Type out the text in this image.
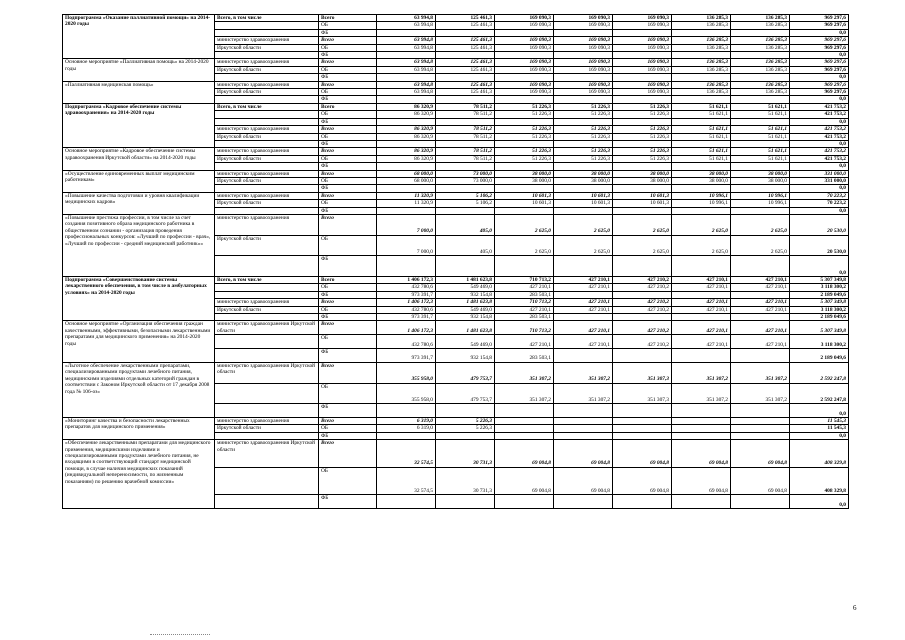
Подпрограмма «Оказание паллиативной помощи» на 2014-2020 годы	Всего, в том числе	Всего	63 994,8	125 461,3	169 090,3	169 090,3	169 090,3	136 285,3	136 285,3	969 297,6
		ОБ	63 994,8	125 461,3	169 090,3	169 090,3	169 090,3	136 285,3	136 285,3	969 297,6
		ФБ								0,0
	министерство здравоохранения	Всего	63 994,8	125 461,3	169 090,3	169 090,3	169 090,3	136 285,3	136 285,3	969 297,6
	Иркутской области	ОБ	63 994,8	125 461,3	169 090,3	169 090,3	169 090,3	136 285,3	136 285,3	969 297,6
		ФБ								0,0
Основное мероприятие «Паллиативная помощь» на 2014-2020 годы	министерство здравоохранения	Всего	63 994,8	125 461,3	169 090,3	169 090,3	169 090,3	136 285,3	136 285,3	969 297,6
	Иркутской области	ОБ	63 994,8	125 461,3	169 090,3	169 090,3	169 090,3	136 285,3	136 285,3	969 297,6
		ФБ								0,0
«Паллиативная медицинская помощь»	министерство здравоохранения	Всего	63 994,8	125 461,3	169 090,3	169 090,3	169 090,3	136 285,3	136 285,3	969 297,6
	Иркутской области	ОБ	63 994,8	125 461,3	169 090,3	169 090,3	169 090,3	136 285,3	136 285,3	969 297,6
		ФБ								0,0
Подпрограмма «Кадровое обеспечение системы здравоохранения» на 2014-2020 годы	Всего, в том числе	Всего	86 320,9	78 511,2	51 226,3	51 226,3	51 226,3	51 621,1	51 621,1	421 753,2
		ОБ	86 320,9	78 511,2	51 226,3	51 226,3	51 226,3	51 621,1	51 621,1	421 753,2
		ФБ								0,0
	министерство здравоохранения	Всего	86 320,9	78 511,2	51 226,3	51 226,3	51 226,3	51 621,1	51 621,1	421 753,2
	Иркутской области	ОБ	86 320,9	78 511,2	51 226,3	51 226,3	51 226,3	51 621,1	51 621,1	421 753,2
		ФБ								0,0
Основное мероприятие «Кадровое обеспечение системы здравоохранения Иркутской области» на 2014-2020 годы	министерство здравоохранения	Всего	86 320,9	78 511,2	51 226,3	51 226,3	51 226,3	51 621,1	51 621,1	421 753,2
	Иркутской области	ОБ	86 320,9	78 511,2	51 226,3	51 226,3	51 226,3	51 621,1	51 621,1	421 753,2
		ФБ								0,0
«Осуществление единовременных выплат медицинским работникам»	министерство здравоохранения	Всего	68 000,0	73 000,0	38 000,0	38 000,0	38 000,0	38 000,0	38 000,0	331 000,0
	Иркутской области	ОБ	68 000,0	73 000,0	38 000,0	38 000,0	38 000,0	38 000,0	38 000,0	331 000,0
		ФБ								0,0
«Повышение качества подготовки и уровня квалификации медицинских кадров»	министерство здравоохранения	Всего	11 320,9	5 106,2	10 601,3	10 601,3	10 601,3	10 996,1	10 996,1	70 223,2
	Иркутской области	ОБ	11 320,9	5 106,2	10 601,3	10 601,3	10 601,3	10 996,1	10 996,1	70 223,2
		ФБ								0,0
«Повышение престижа профессии, в том числе за счет создания позитивного образа медицинского работника в общественном сознании - организация проведения профессиональных конкурсов: «Лучший по профессии - врач», «Лучший по профессии - средний медицинский работник»»	министерство здравоохранения	Всего	7 000,0	405,0	2 625,0	2 625,0	2 625,0	2 625,0	2 625,0	20 530,0
	Иркутской области	ОБ	7 000,0	405,0	2 625,0	2 625,0	2 625,0	2 625,0	2 625,0	20 530,0
		ФБ								0,0
Подпрограмма «Совершенствование системы лекарственного обеспечения, в том числе в амбулаторных условиях» на 2014-2020 годы	Всего, в том числе	Всего	1 406 172,3	1 481 623,8	710 713,2	427 210,1	427 210,2	427 210,1	427 210,1	5 307 349,8
		ОБ	432 780,6	549 469,0	427 210,1	427 210,1	427 210,2	427 210,1	427 210,1	3 118 300,2
		ФБ	973 391,7	932 154,8	283 503,1					2 189 049,6
	министерство здравоохранения	Всего	1 406 172,3	1 481 623,8	710 713,2	427 210,1	427 210,2	427 210,1	427 210,1	5 307 349,8
	Иркутской области	ОБ	432 780,6	549 469,0	427 210,1	427 210,1	427 210,2	427 210,1	427 210,1	3 118 300,2
		ФБ	973 391,7	932 154,8	283 503,1					2 189 049,6
Основное мероприятие «Организация обеспечения граждан качественными, эффективными, безопасными лекарственными препаратами для медицинского применения» на 2014-2020 годы	министерство здравоохранения Иркутской области	Всего	1 406 172,3	1 481 623,8	710 713,2	427 210,1	427 210,2	427 210,1	427 210,1	5 307 349,8
		ОБ	432 780,6	549 469,0	427 210,1	427 210,1	427 210,2	427 210,1	427 210,1	3 118 300,2
		ФБ	973 391,7	932 154,8	283 503,1					2 189 049,6
«Льготное обеспечение лекарственными препаратами, специализированными продуктами лечебного питания, медицинскими изделиями отдельных категорий граждан в соответствии с Законом Иркутской области от 17 декабря 2008 года № 106-оз»	министерство здравоохранения Иркутской области	Всего	355 958,0	479 753,7	351 307,2	351 307,2	351 307,3	351 307,2	351 307,2	2 592 247,8
		ОБ	355 958,0	479 753,7	351 307,2	351 307,2	351 307,3	351 307,2	351 307,2	2 592 247,8
		ФБ								0,0
«Мониторинг качества и безопасности лекарственных препаратов для медицинского применения»	министерство здравоохранения	Всего	6 319,0	5 226,3						11 545,3
	Иркутской области	ОБ	6 319,0	5 226,3						11 545,3
		ФБ								0,0
«Обеспечение лекарственными препаратами для медицинского применения, медицинскими изделиями и специализированными продуктами лечебного питания, не входящими в соответствующий стандарт медицинской помощи, в случае наличия медицинских показаний (индивидуальной непереносимости, по жизненным показаниям) по решению врачебной комиссии»	министерство здравоохранения Иркутской области	Всего	32 574,5	30 731,3	69 004,8	69 004,8	69 004,8	69 004,8	69 004,8	408 329,8
		ОБ	32 574,5	30 731,3	69 004,8	69 004,8	69 004,8	69 004,8	69 004,8	408 329,8
		ФБ								0,0
6
